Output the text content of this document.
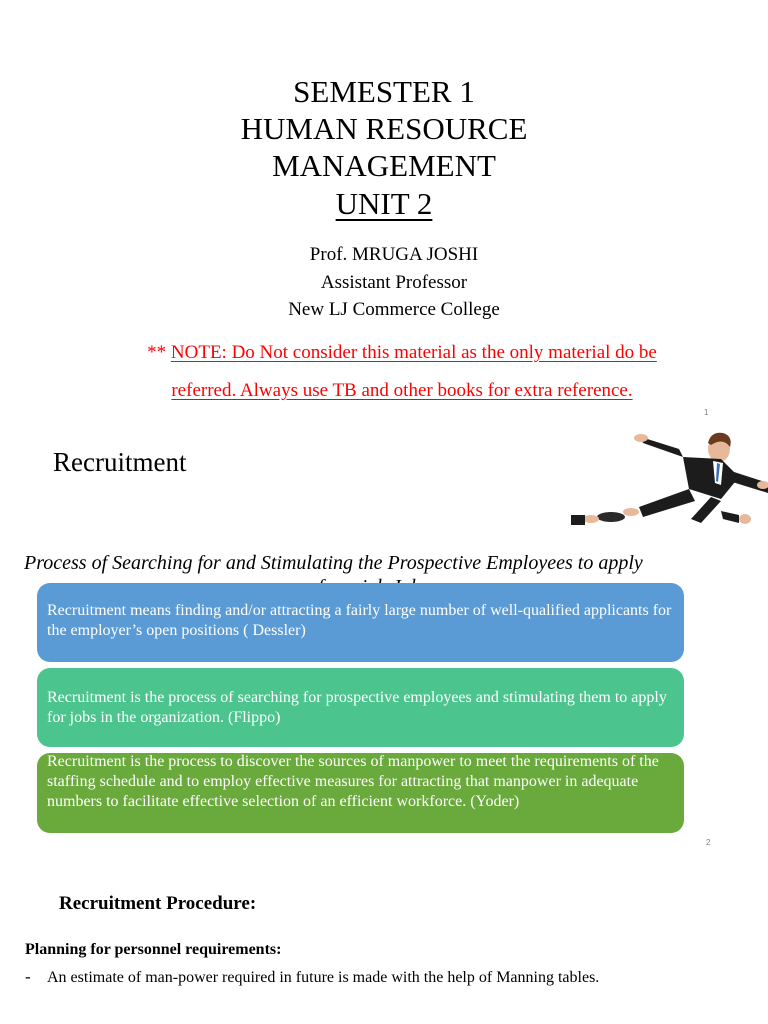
SEMESTER 1
HUMAN RESOURCE
MANAGEMENT
UNIT 2
Prof. MRUGA JOSHI
Assistant Professor
New LJ Commerce College
** NOTE: Do Not consider this material as the only material do be
referred. Always use TB and other books for extra reference.
1
Recruitment
Process of Searching for and Stimulating the Prospective Employees to apply
Recruitment means finding and/or attracting a fairly large number of well-qualified applicants for the employer’s open positions ( Dessler)
Recruitment is the process of searching for prospective employees and stimulating them to apply for jobs in the organization. (Flippo)
Recruitment is the process to discover the sources of manpower to meet the requirements of the staffing schedule and to employ effective measures for attracting that manpower in adequate numbers to facilitate effective selection of an efficient workforce. (Yoder)
2
Recruitment Procedure:
Planning for personnel requirements:
- An estimate of man-power required in future is made with the help of Manning tables.
